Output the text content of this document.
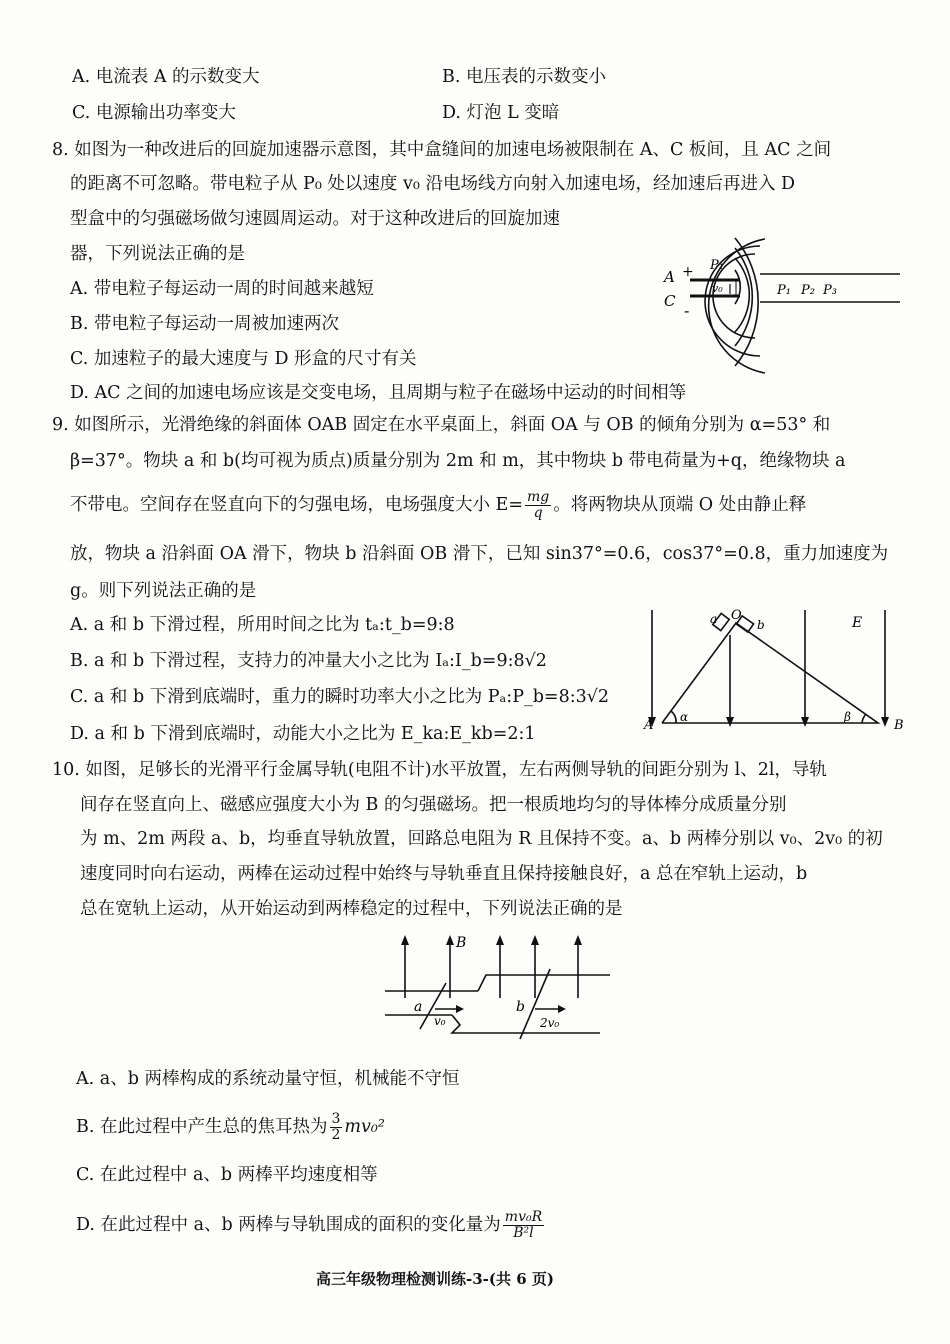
A. 电流表 A 的示数变大	B. 电压表的示数变小
C. 电源输出功率变大	D. 灯泡 L 变暗
8. 如图为一种改进后的回旋加速器示意图，其中盒缝间的加速电场被限制在 A、C 板间，且 AC 之间
的距离不可忽略。带电粒子从 P₀ 处以速度 v₀ 沿电场线方向射入加速电场，经加速后再进入 D
型盒中的匀强磁场做匀速圆周运动。对于这种改进后的回旋加速
器，下列说法正确的是
A. 带电粒子每运动一周的时间越来越短
B. 带电粒子每运动一周被加速两次
C. 加速粒子的最大速度与 D 形盒的尺寸有关
D. AC 之间的加速电场应该是交变电场，且周期与粒子在磁场中运动的时间相等
A
C
+
-
P₁
v₀	P₁ P₂ P₃
9. 如图所示，光滑绝缘的斜面体 OAB 固定在水平桌面上，斜面 OA 与 OB 的倾角分别为 α=53° 和
β=37°。物块 a 和 b(均可视为质点)质量分别为 2m 和 m，其中物块 b 带电荷量为+q，绝缘物块 a
不带电。空间存在竖直向下的匀强电场，电场强度大小 $E= \frac{mg}{q}$ 。将两物块从顶端 O 处由静止释
放，物块 a 沿斜面 OA 滑下，物块 b 沿斜面 OB 滑下，已知 sin37°=0.6，cos37°=0.8，重力加速度为
g。则下列说法正确的是
A. a 和 b 下滑过程，所用时间之比为 tₐ:t_b=9:8
B. a 和 b 下滑过程，支持力的冲量大小之比为 Iₐ:I_b=9:8√2
C. a 和 b 下滑到底端时，重力的瞬时功率大小之比为 Pₐ:P_b=8:3√2
D. a 和 b 下滑到底端时，动能大小之比为 E_ka:E_kb=2:1
a O
b	E
A	B
α	β
10. 如图，足够长的光滑平行金属导轨(电阻不计)水平放置，左右两侧导轨的间距分别为 l、2l，导轨
间存在竖直向上、磁感应强度大小为 B 的匀强磁场。把一根质地均匀的导体棒分成质量分别
为 m、2m 两段 a、b，均垂直导轨放置，回路总电阻为 R 且保持不变。a、b 两棒分别以 v₀、2v₀ 的初
速度同时向右运动，两棒在运动过程中始终与导轨垂直且保持接触良好，a 总在窄轨上运动，b
总在宽轨上运动，从开始运动到两棒稳定的过程中，下列说法正确的是
B
a	b
v₀	2v₀
A. a、b 两棒构成的系统动量守恒，机械能不守恒
B. 在此过程中产生总的焦耳热为 $\frac{3}{2} mv_0^2$
C. 在此过程中 a、b 两棒平均速度相等
D. 在此过程中 a、b 两棒与导轨围成的面积的变化量为 $\frac{\text{mv₀R}}{\text{B²l}}$
高三年级物理检测训练-3-(共 6 页)
